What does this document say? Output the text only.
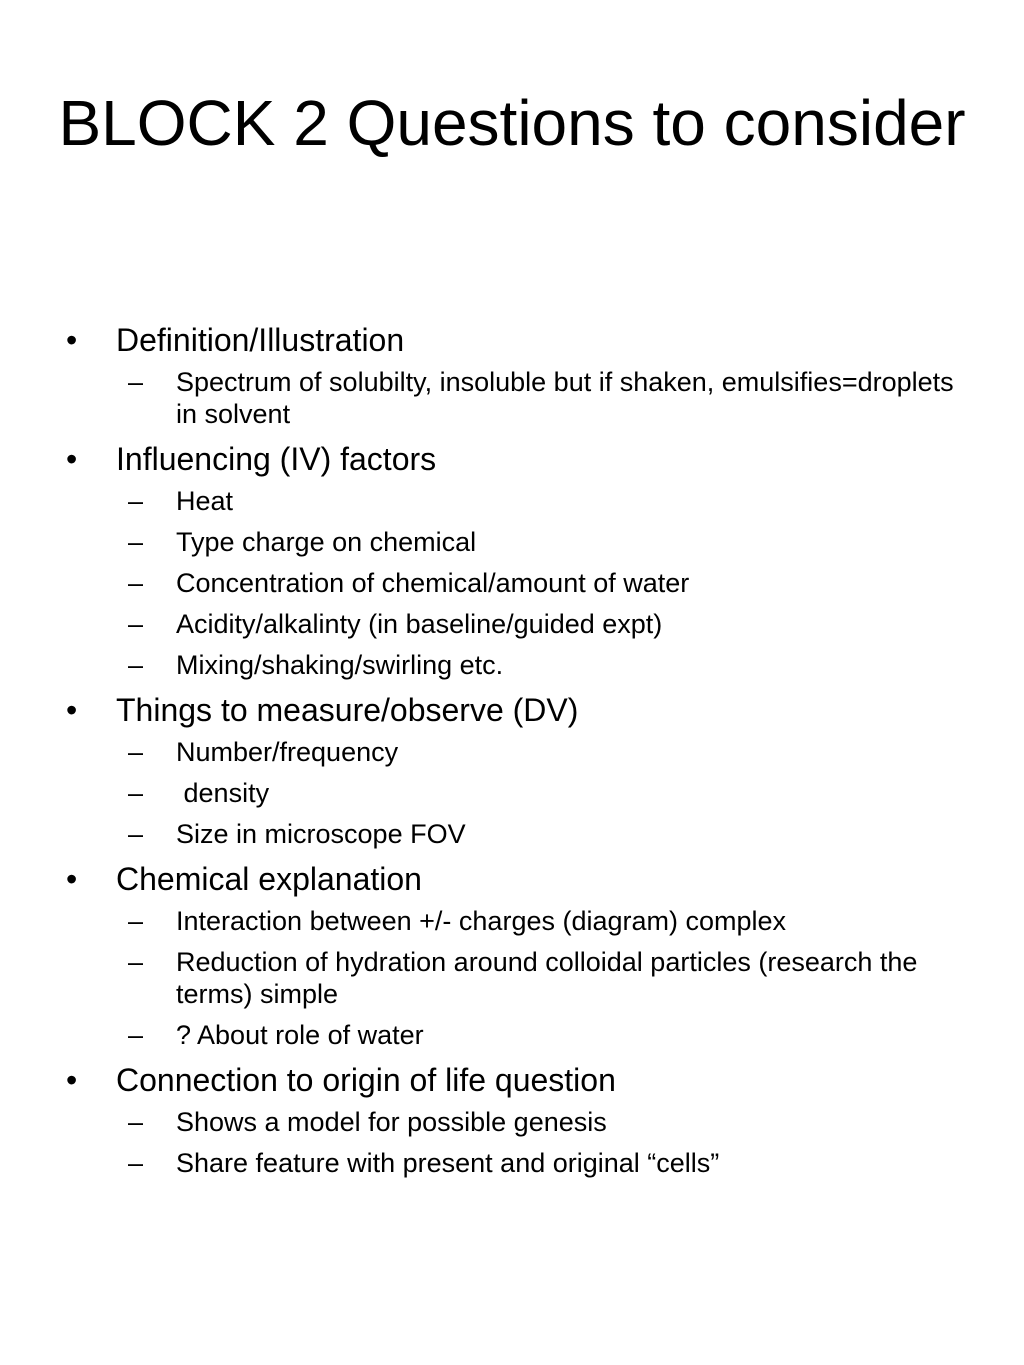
BLOCK 2 Questions to consider
• Definition/Illustration
– Spectrum of solubilty, insoluble but if shaken, emulsifies=droplets in solvent
• Influencing (IV) factors
– Heat
– Type charge on chemical
– Concentration of chemical/amount of water
– Acidity/alkalinty (in baseline/guided expt)
– Mixing/shaking/swirling etc.
• Things to measure/observe (DV)
– Number/frequency
– density
– Size in microscope FOV
• Chemical explanation
– Interaction between +/- charges (diagram) complex
– Reduction of hydration around colloidal particles (research the terms) simple
– ? About role of water
• Connection to origin of life question
– Shows a model for possible genesis
– Share feature with present and original “cells”
